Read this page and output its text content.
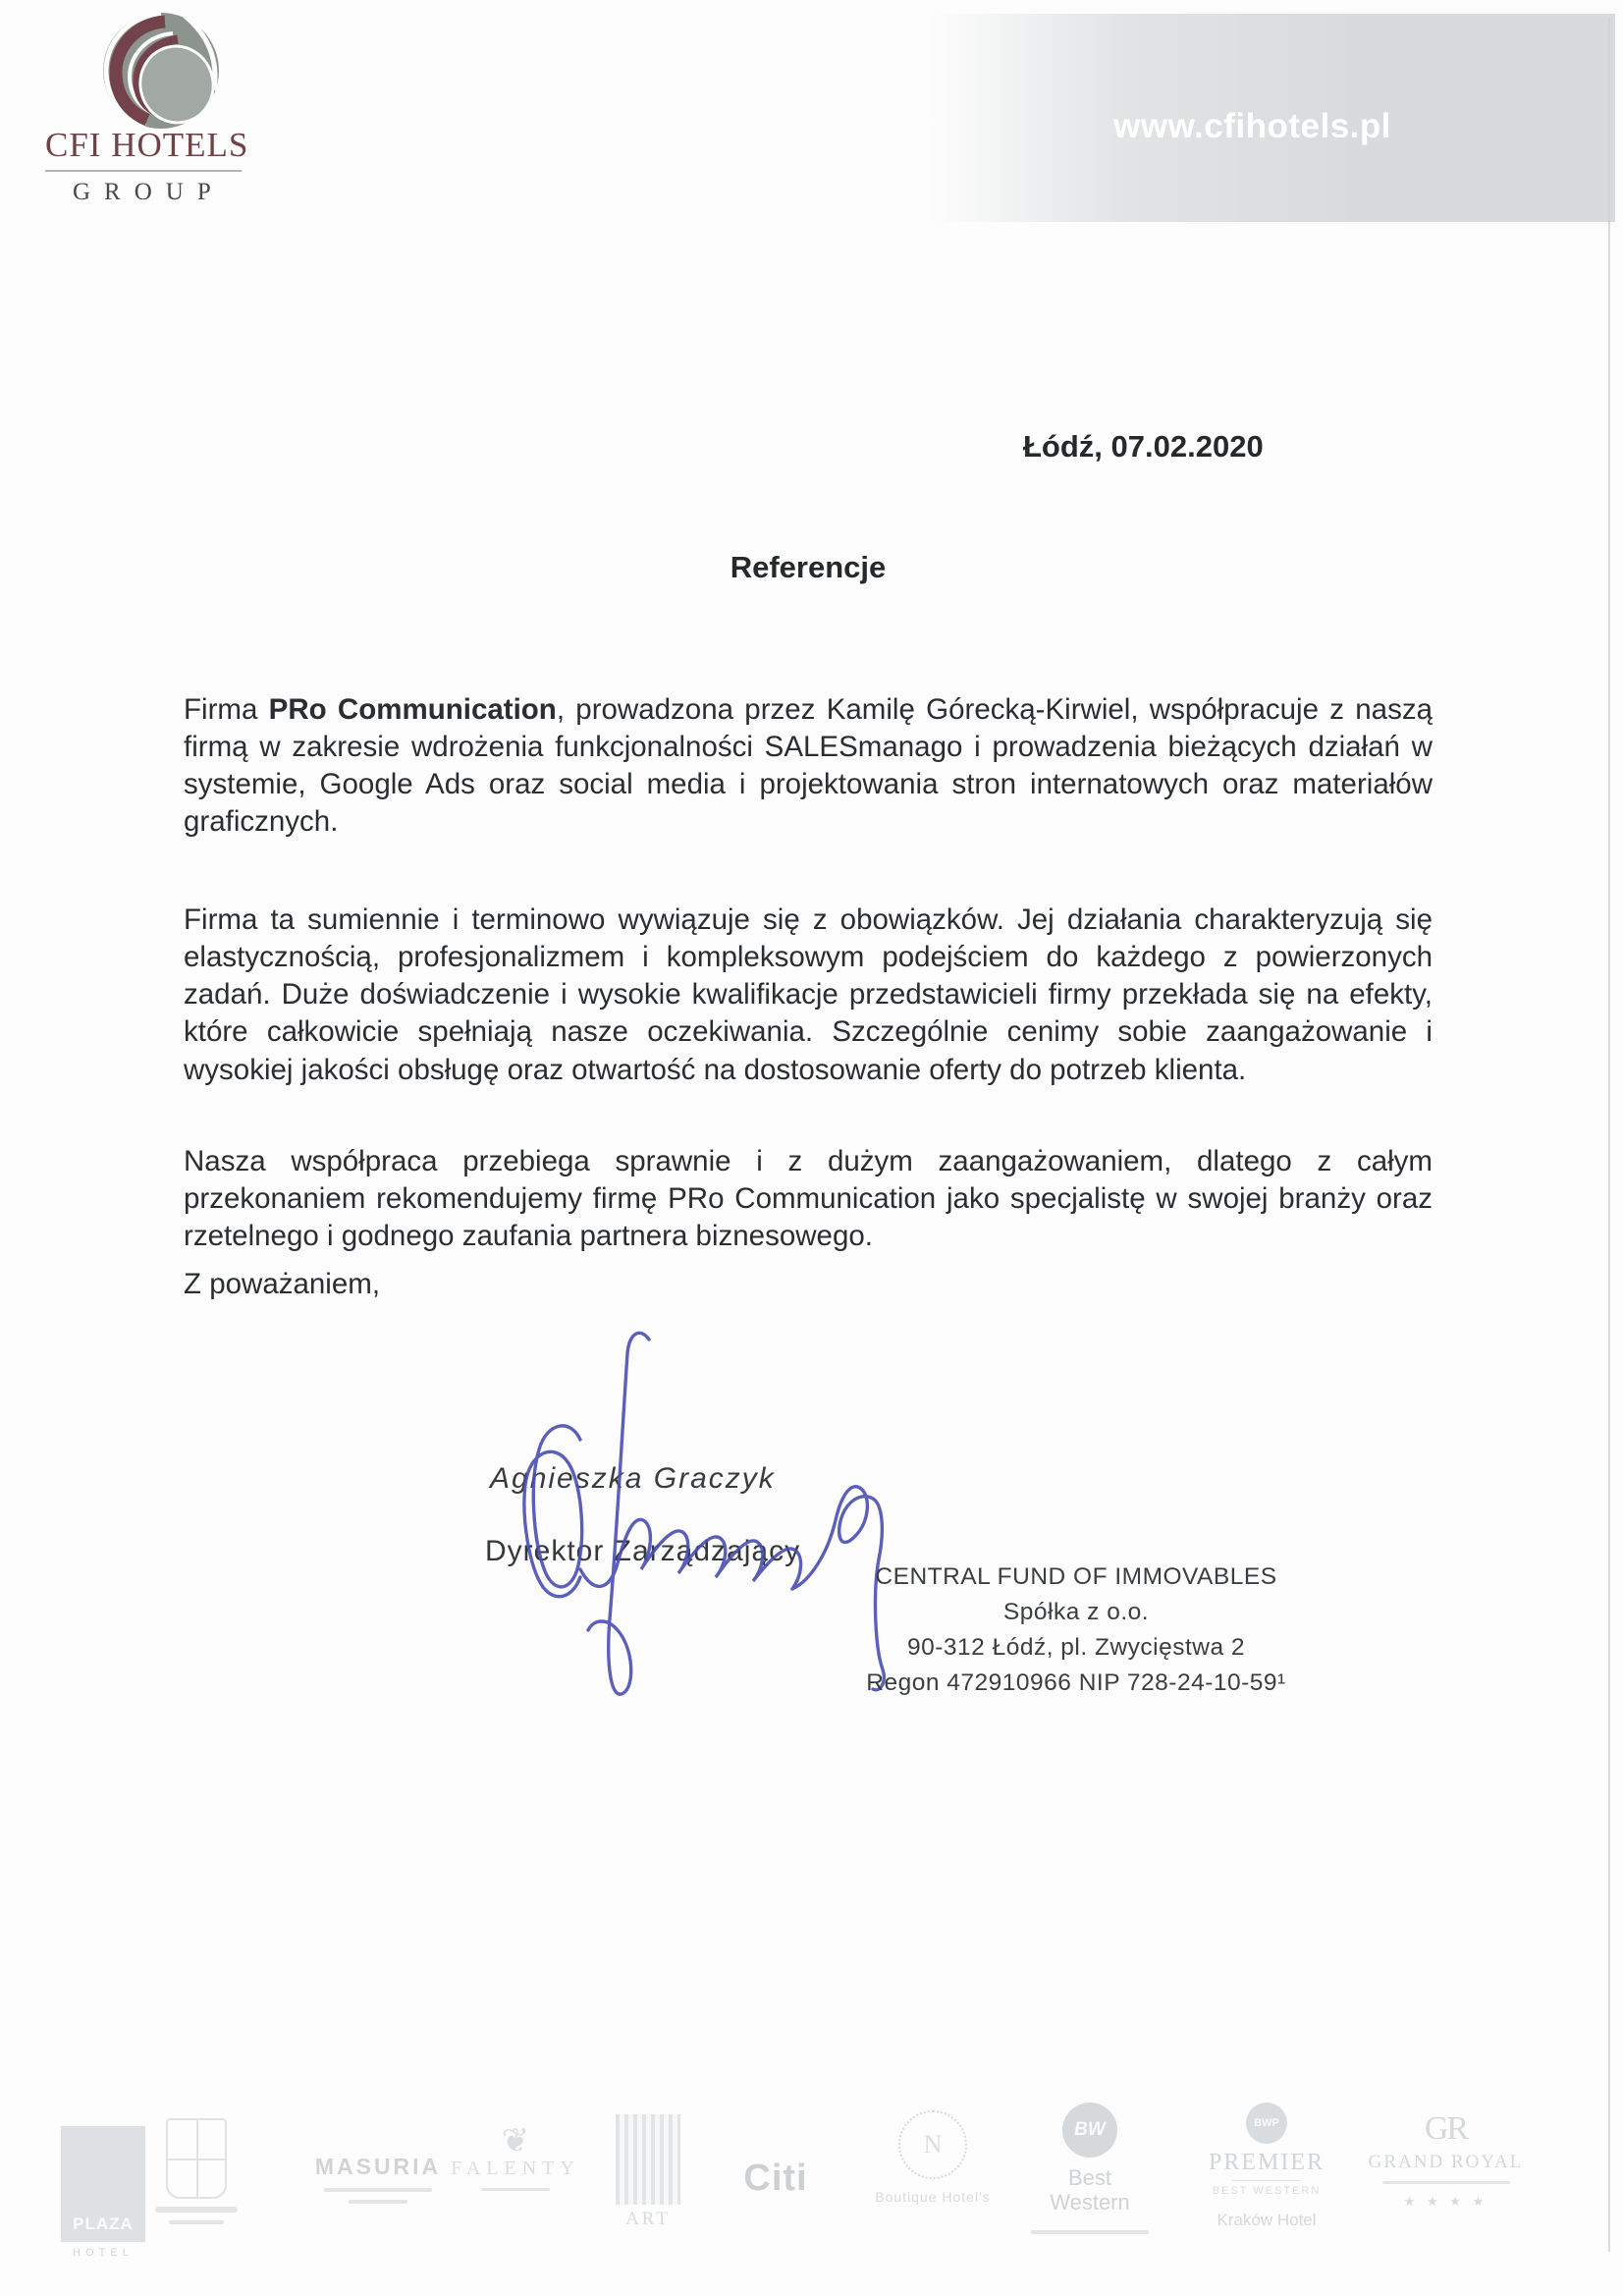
www.cfihotels.pl
CFI HOTELS
GROUP
Łódź, 07.02.2020
Referencje

Firma PRo Communication, prowadzona przez Kamilę Górecką-Kirwiel, współpracuje z naszą firmą w zakresie wdrożenia funkcjonalności SALESmanago i prowadzenia bieżących działań w systemie, Google Ads oraz social media i projektowania stron internatowych oraz materiałów graficznych.

Firma ta sumiennie i terminowo wywiązuje się z obowiązków. Jej działania charakteryzują się elastycznością, profesjonalizmem i kompleksowym podejściem do każdego z powierzonych zadań. Duże doświadczenie i wysokie kwalifikacje przedstawicieli firmy przekłada się na efekty, które całkowicie spełniają nasze oczekiwania. Szczególnie cenimy sobie zaangażowanie i wysokiej jakości obsługę oraz otwartość na dostosowanie oferty do potrzeb klienta.

Nasza współpraca przebiega sprawnie i z dużym zaangażowaniem, dlatego z całym przekonaniem rekomendujemy firmę PRo Communication jako specjalistę w swojej branży oraz rzetelnego i godnego zaufania partnera biznesowego.

Z poważaniem,
Agnieszka Graczyk
Dyrektor Zarządzający
CENTRAL FUND OF IMMOVABLES
Spółka z o.o.
90-312 Łódź, pl. Zwycięstwa 2
Regon 472910966 NIP 728-24-10-59¹
PLAZA
HOTEL
MASURIA
❦
FALENTY
ART
Citi
N
Boutique Hotel's
BW
Best
Western
BWP
PREMIER
BEST WESTERN
Kraków Hotel
GR
GRAND ROYAL
★ ★ ★ ★
